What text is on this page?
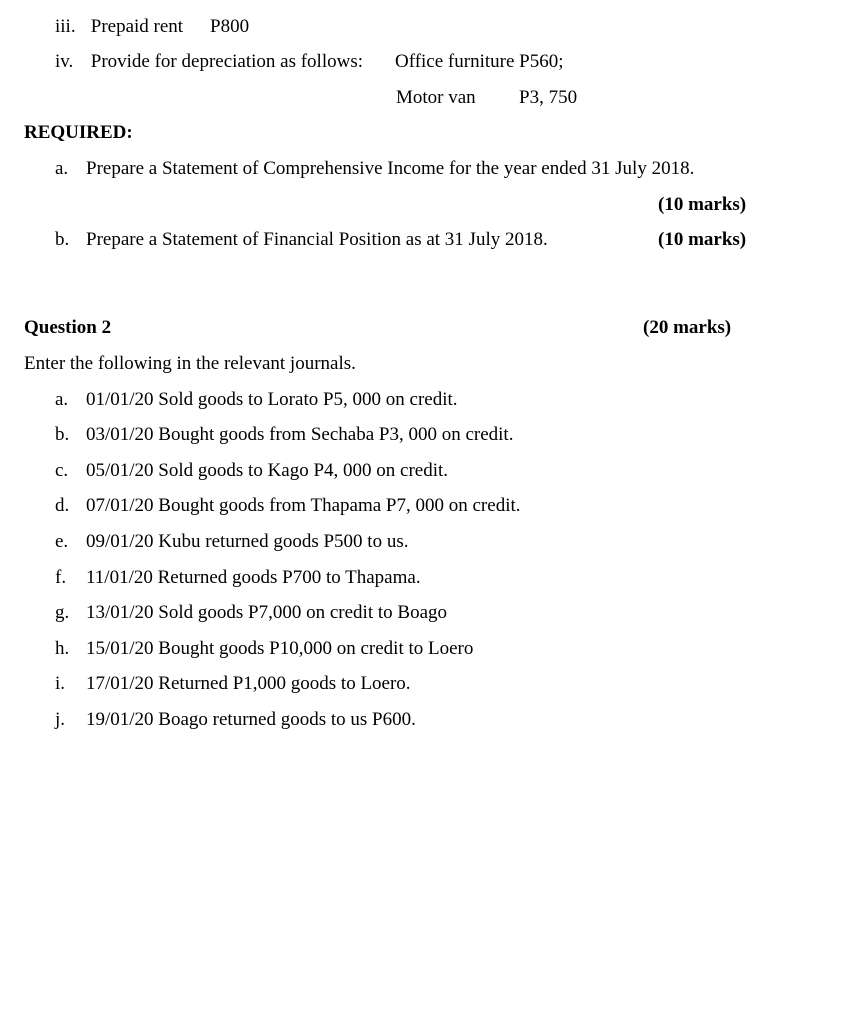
iii. Prepaid rent P800
iv. Provide for depreciation as follows: Office furniture P560;
Motor van P3, 750
REQUIRED:
a. Prepare a Statement of Comprehensive Income for the year ended 31 July 2018.
(10 marks)
b. Prepare a Statement of Financial Position as at 31 July 2018.	(10 marks)
Question 2	(20 marks)
Enter the following in the relevant journals.
a. 01/01/20 Sold goods to Lorato P5, 000 on credit.
b. 03/01/20 Bought goods from Sechaba P3, 000 on credit.
c. 05/01/20 Sold goods to Kago P4, 000 on credit.
d. 07/01/20 Bought goods from Thapama P7, 000 on credit.
e. 09/01/20 Kubu returned goods P500 to us.
f. 11/01/20 Returned goods P700 to Thapama.
g. 13/01/20 Sold goods P7,000 on credit to Boago
h. 15/01/20 Bought goods P10,000 on credit to Loero
i. 17/01/20 Returned P1,000 goods to Loero.
j. 19/01/20 Boago returned goods to us P600.
